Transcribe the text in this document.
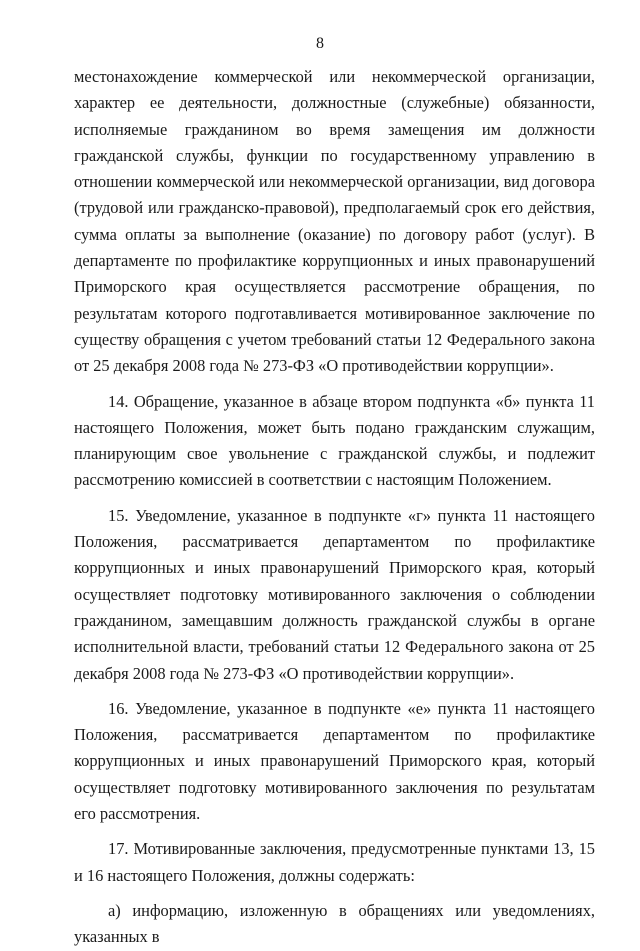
8

местонахождение коммерческой или некоммерческой организации, характер ее деятельности, должностные (служебные) обязанности, исполняемые гражданином во время замещения им должности гражданской службы, функции по государственному управлению в отношении коммерческой или некоммерческой организации, вид договора (трудовой или гражданско-правовой), предполагаемый срок его действия, сумма оплаты за выполнение (оказание) по договору работ (услуг). В департаменте по профилактике коррупционных и иных правонарушений Приморского края осуществляется рассмотрение обращения, по результатам которого подготавливается мотивированное заключение по существу обращения с учетом требований статьи 12 Федерального закона от 25 декабря 2008 года № 273-ФЗ «О противодействии коррупции».

14. Обращение, указанное в абзаце втором подпункта «б» пункта 11 настоящего Положения, может быть подано гражданским служащим, планирующим свое увольнение с гражданской службы, и подлежит рассмотрению комиссией в соответствии с настоящим Положением.

15. Уведомление, указанное в подпункте «г» пункта 11 настоящего Положения, рассматривается департаментом по профилактике коррупционных и иных правонарушений Приморского края, который осуществляет подготовку мотивированного заключения о соблюдении гражданином, замещавшим должность гражданской службы в органе исполнительной власти, требований статьи 12 Федерального закона от 25 декабря 2008 года № 273-ФЗ «О противодействии коррупции».

16. Уведомление, указанное в подпункте «е» пункта 11 настоящего Положения, рассматривается департаментом по профилактике коррупционных и иных правонарушений Приморского края, который осуществляет подготовку мотивированного заключения по результатам его рассмотрения.

17. Мотивированные заключения, предусмотренные пунктами 13, 15 и 16 настоящего Положения, должны содержать:

а) информацию, изложенную в обращениях или уведомлениях, указанных в
